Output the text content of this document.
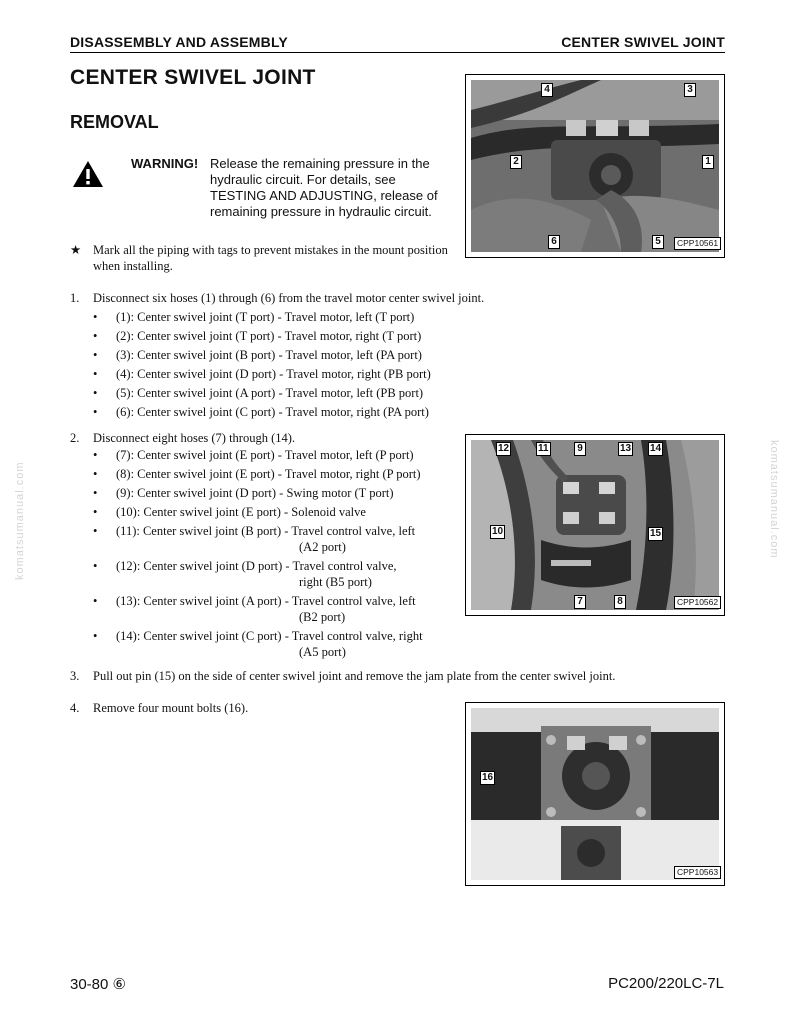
DISASSEMBLY AND ASSEMBLY	CENTER SWIVEL JOINT
CENTER SWIVEL JOINT
REMOVAL
WARNING! Release the remaining pressure in the hydraulic circuit. For details, see TESTING AND ADJUSTING, release of remaining pressure in hydraulic circuit.
★ Mark all the piping with tags to prevent mistakes in the mount position when installing.
1. Disconnect six hoses (1) through (6) from the travel motor center swivel joint.
• (1): Center swivel joint (T port) - Travel motor, left (T port)
• (2): Center swivel joint (T port) - Travel motor, right (T port)
• (3): Center swivel joint (B port) - Travel motor, left (PA port)
• (4): Center swivel joint (D port) - Travel motor, right (PB port)
• (5): Center swivel joint (A port) - Travel motor, left (PB port)
• (6): Center swivel joint (C port) - Travel motor, right (PA port)
2. Disconnect eight hoses (7) through (14).
• (7): Center swivel joint (E port) - Travel motor, left (P port)
• (8): Center swivel joint (E port) - Travel motor, right (P port)
• (9): Center swivel joint (D port) - Swing motor (T port)
• (10): Center swivel joint (E port) - Solenoid valve
• (11): Center swivel joint (B port) - Travel control valve, left (A2 port)
• (12): Center swivel joint (D port) - Travel control valve, right (B5 port)
• (13): Center swivel joint (A port) - Travel control valve, left (B2 port)
• (14): Center swivel joint (C port) - Travel control valve, right (A5 port)
3. Pull out pin (15) on the side of center swivel joint and remove the jam plate from the center swivel joint.
4. Remove four mount bolts (16).
4	3
2	1
6	5	CPP10561
12	11	9	13 14
10	15
7	8	CPP10562
16
CPP10563
komatsumanual.com	komatsumanual.com
30-80 ⑥	PC200/220LC-7L
